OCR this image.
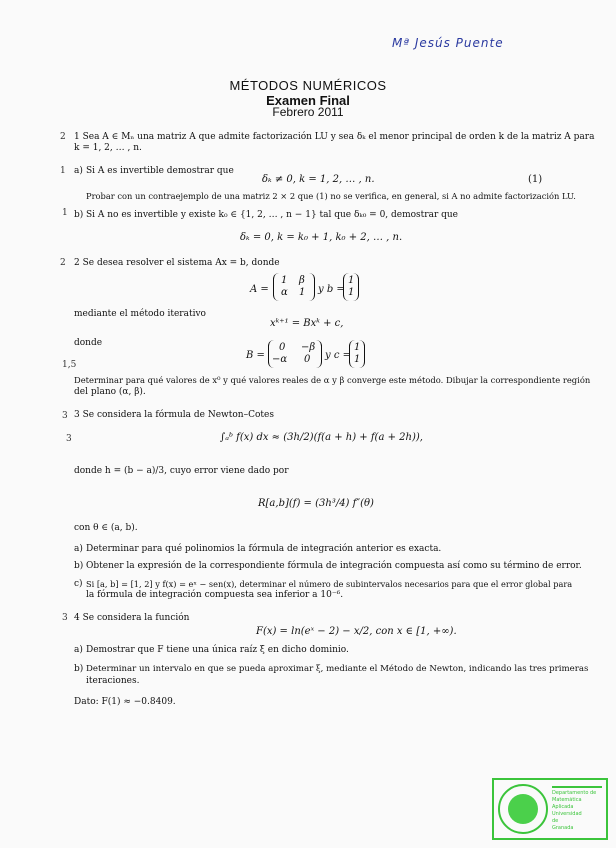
Mª Jesús Puente
MÉTODOS NUMÉRICOS
Examen Final
Febrero 2011
2
1
1
2
1,5
3
3
3
1 Sea A ∈ Mₙ una matriz A que admite factorización LU y sea δₖ el menor principal de orden k de la matriz A para
k = 1, 2, … , n.
a) Si A es invertible demostrar que
δₖ ≠ 0, k = 1, 2, … , n.	(1)
Probar con un contraejemplo de una matriz 2 × 2 que (1) no se verifica, en general, si A no admite factorización LU.
b) Si A no es invertible y existe k₀ ∈ {1, 2, … , n − 1} tal que δₖ₀ = 0, demostrar que
δₖ = 0, k = k₀ + 1, k₀ + 2, … , n.
2 Se desea resolver el sistema Ax = b, donde
A =
1 β
α 1 y b =
1
1
mediante el método iterativo
xᵏ⁺¹ = Bxᵏ + c,
donde
B =
0 −β
−α 0 y c =
1
1
Determinar para qué valores de x⁰ y qué valores reales de α y β converge este método. Dibujar la correspondiente región
del plano (α, β).
3 Se considera la fórmula de Newton–Cotes
∫ₐᵇ f(x) dx ≈ (3h/2)(f(a + h) + f(a + 2h)),
donde h = (b − a)/3, cuyo error viene dado por
R[a,b](f) = (3h³/4) f″(θ)
con θ ∈ (a, b).
a) Determinar para qué polinomios la fórmula de integración anterior es exacta.
b) Obtener la expresión de la correspondiente fórmula de integración compuesta así como su término de error.
c) Si [a, b] = [1, 2] y f(x) = eˣ − sen(x), determinar el número de subintervalos necesarios para que el error global para
la fórmula de integración compuesta sea inferior a 10⁻⁶.
4 Se considera la función
F(x) = ln(eˣ − 2) − x/2, con x ∈ [1, +∞).
a) Demostrar que F tiene una única raíz ξ en dicho dominio.
b) Determinar un intervalo en que se pueda aproximar ξ, mediante el Método de Newton, indicando las tres primeras
iteraciones.
Dato: F(1) ≈ −0.8409.
Departamento de
Matemática
Aplicada
Universidad
de
Granada
